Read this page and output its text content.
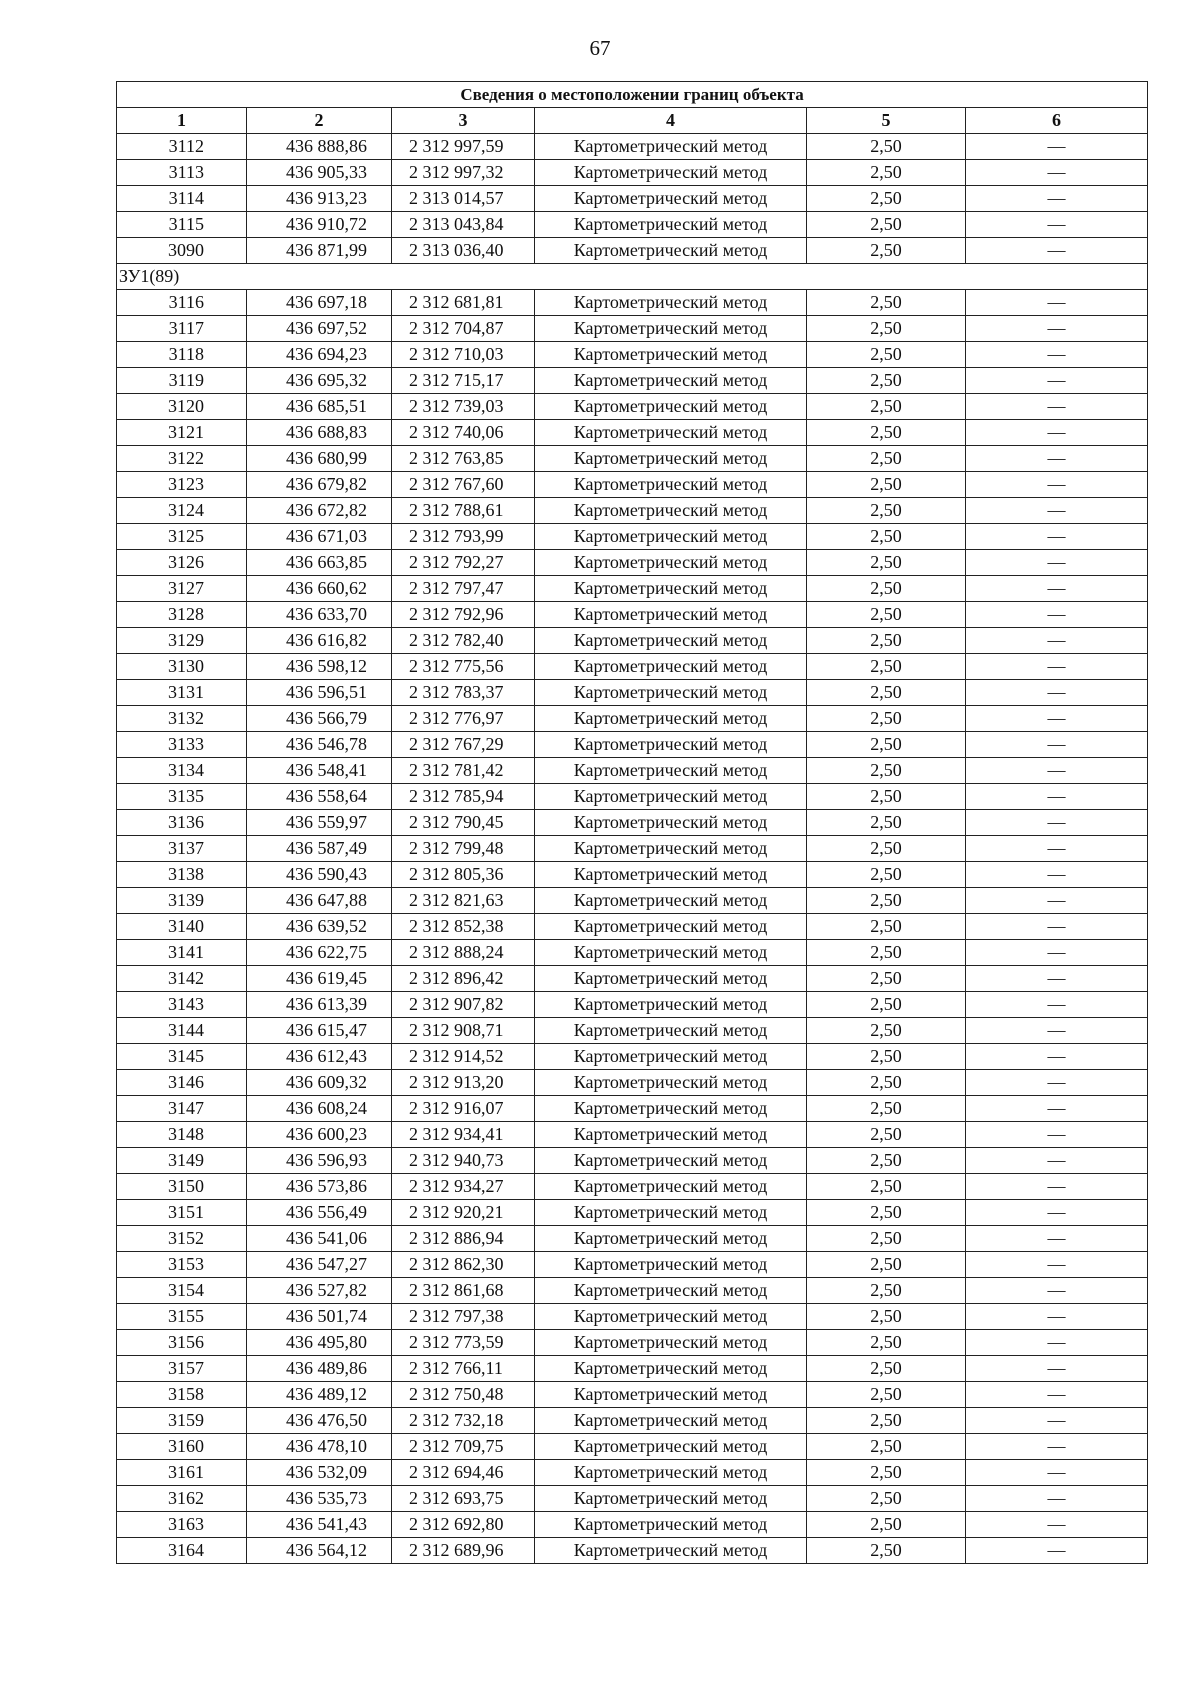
67
Сведения о местоположении границ объекта					
1	2	3	4	5	6
3112	436 888,86	2 312 997,59	Картометрический метод	2,50	—
3113	436 905,33	2 312 997,32	Картометрический метод	2,50	—
3114	436 913,23	2 313 014,57	Картометрический метод	2,50	—
3115	436 910,72	2 313 043,84	Картометрический метод	2,50	—
3090	436 871,99	2 313 036,40	Картометрический метод	2,50	—
ЗУ1(89)					
3116	436 697,18	2 312 681,81	Картометрический метод	2,50	—
3117	436 697,52	2 312 704,87	Картометрический метод	2,50	—
3118	436 694,23	2 312 710,03	Картометрический метод	2,50	—
3119	436 695,32	2 312 715,17	Картометрический метод	2,50	—
3120	436 685,51	2 312 739,03	Картометрический метод	2,50	—
3121	436 688,83	2 312 740,06	Картометрический метод	2,50	—
3122	436 680,99	2 312 763,85	Картометрический метод	2,50	—
3123	436 679,82	2 312 767,60	Картометрический метод	2,50	—
3124	436 672,82	2 312 788,61	Картометрический метод	2,50	—
3125	436 671,03	2 312 793,99	Картометрический метод	2,50	—
3126	436 663,85	2 312 792,27	Картометрический метод	2,50	—
3127	436 660,62	2 312 797,47	Картометрический метод	2,50	—
3128	436 633,70	2 312 792,96	Картометрический метод	2,50	—
3129	436 616,82	2 312 782,40	Картометрический метод	2,50	—
3130	436 598,12	2 312 775,56	Картометрический метод	2,50	—
3131	436 596,51	2 312 783,37	Картометрический метод	2,50	—
3132	436 566,79	2 312 776,97	Картометрический метод	2,50	—
3133	436 546,78	2 312 767,29	Картометрический метод	2,50	—
3134	436 548,41	2 312 781,42	Картометрический метод	2,50	—
3135	436 558,64	2 312 785,94	Картометрический метод	2,50	—
3136	436 559,97	2 312 790,45	Картометрический метод	2,50	—
3137	436 587,49	2 312 799,48	Картометрический метод	2,50	—
3138	436 590,43	2 312 805,36	Картометрический метод	2,50	—
3139	436 647,88	2 312 821,63	Картометрический метод	2,50	—
3140	436 639,52	2 312 852,38	Картометрический метод	2,50	—
3141	436 622,75	2 312 888,24	Картометрический метод	2,50	—
3142	436 619,45	2 312 896,42	Картометрический метод	2,50	—
3143	436 613,39	2 312 907,82	Картометрический метод	2,50	—
3144	436 615,47	2 312 908,71	Картометрический метод	2,50	—
3145	436 612,43	2 312 914,52	Картометрический метод	2,50	—
3146	436 609,32	2 312 913,20	Картометрический метод	2,50	—
3147	436 608,24	2 312 916,07	Картометрический метод	2,50	—
3148	436 600,23	2 312 934,41	Картометрический метод	2,50	—
3149	436 596,93	2 312 940,73	Картометрический метод	2,50	—
3150	436 573,86	2 312 934,27	Картометрический метод	2,50	—
3151	436 556,49	2 312 920,21	Картометрический метод	2,50	—
3152	436 541,06	2 312 886,94	Картометрический метод	2,50	—
3153	436 547,27	2 312 862,30	Картометрический метод	2,50	—
3154	436 527,82	2 312 861,68	Картометрический метод	2,50	—
3155	436 501,74	2 312 797,38	Картометрический метод	2,50	—
3156	436 495,80	2 312 773,59	Картометрический метод	2,50	—
3157	436 489,86	2 312 766,11	Картометрический метод	2,50	—
3158	436 489,12	2 312 750,48	Картометрический метод	2,50	—
3159	436 476,50	2 312 732,18	Картометрический метод	2,50	—
3160	436 478,10	2 312 709,75	Картометрический метод	2,50	—
3161	436 532,09	2 312 694,46	Картометрический метод	2,50	—
3162	436 535,73	2 312 693,75	Картометрический метод	2,50	—
3163	436 541,43	2 312 692,80	Картометрический метод	2,50	—
3164	436 564,12	2 312 689,96	Картометрический метод	2,50	—
